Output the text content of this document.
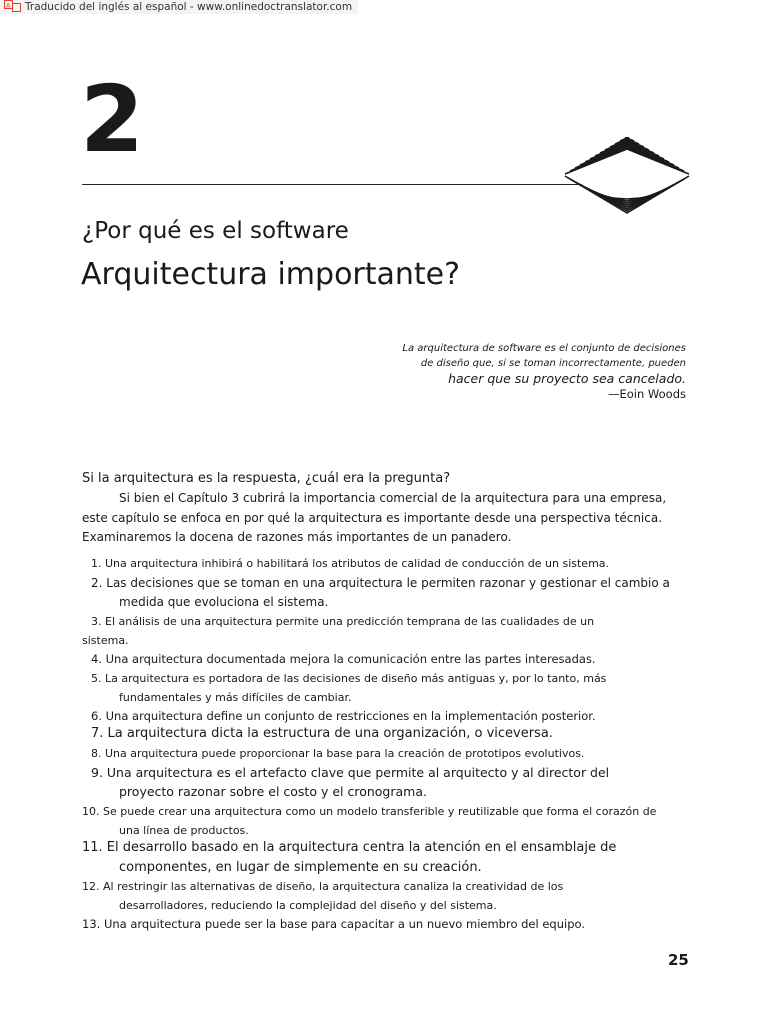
A Traducido del inglés al español - www.onlinedoctranslator.com
2
¿Por qué es el software
Arquitectura importante?
La arquitectura de software es el conjunto de decisiones
de diseño que, si se toman incorrectamente, pueden
hacer que su proyecto sea cancelado.
—Eoin Woods
Si la arquitectura es la respuesta, ¿cuál era la pregunta?
Si bien el Capítulo 3 cubrirá la importancia comercial de la arquitectura para una empresa,
este capítulo se enfoca en por qué la arquitectura es importante desde una perspectiva técnica.
Examinaremos la docena de razones más importantes de un panadero.
1. Una arquitectura inhibirá o habilitará los atributos de calidad de conducción de un sistema.
2. Las decisiones que se toman en una arquitectura le permiten razonar y gestionar el cambio a
medida que evoluciona el sistema.
3. El análisis de una arquitectura permite una predicción temprana de las cualidades de un
sistema.
4. Una arquitectura documentada mejora la comunicación entre las partes interesadas.
5. La arquitectura es portadora de las decisiones de diseño más antiguas y, por lo tanto, más
fundamentales y más difíciles de cambiar.
6. Una arquitectura define un conjunto de restricciones en la implementación posterior.
7. La arquitectura dicta la estructura de una organización, o viceversa.
8. Una arquitectura puede proporcionar la base para la creación de prototipos evolutivos.
9. Una arquitectura es el artefacto clave que permite al arquitecto y al director del
proyecto razonar sobre el costo y el cronograma.
10. Se puede crear una arquitectura como un modelo transferible y reutilizable que forma el corazón de
una línea de productos.
11. El desarrollo basado en la arquitectura centra la atención en el ensamblaje de
componentes, en lugar de simplemente en su creación.
12. Al restringir las alternativas de diseño, la arquitectura canaliza la creatividad de los
desarrolladores, reduciendo la complejidad del diseño y del sistema.
13. Una arquitectura puede ser la base para capacitar a un nuevo miembro del equipo.
25
